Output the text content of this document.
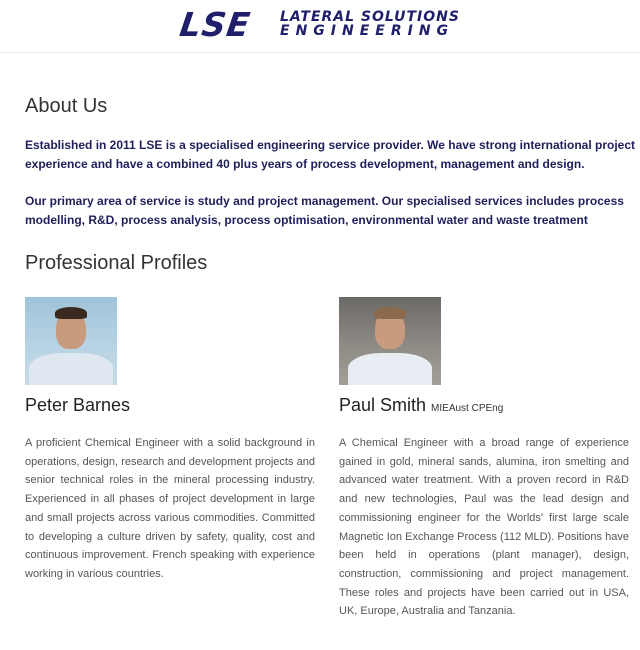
LSE	LATERAL SOLUTIONS
ENGINEERING
About Us

Established in 2011 LSE is a specialised engineering service provider. We have strong international project experience and have a combined 40 plus years of process development, management and design.

Our primary area of service is study and project management. Our specialised services includes process modelling, R&D, process analysis, process optimisation, environmental water and waste treatment

Professional Profiles
Peter Barnes	Paul Smith MIEAust CPEng

A proficient Chemical Engineer with a solid background in operations, design, research and development projects and senior technical roles in the mineral processing industry. Experienced in all phases of project development in large and small projects across various commodities. Committed to developing a culture driven by safety, quality, cost and continuous improvement. French speaking with experience working in various countries.

A Chemical Engineer with a broad range of experience gained in gold, mineral sands, alumina, iron smelting and advanced water treatment. With a proven record in R&D and new technologies, Paul was the lead design and commissioning engineer for the Worlds' first large scale Magnetic Ion Exchange Process (112 MLD). Positions have been held in operations (plant manager), design, construction, commissioning and project management. These roles and projects have been carried out in USA, UK, Europe, Australia and Tanzania.
